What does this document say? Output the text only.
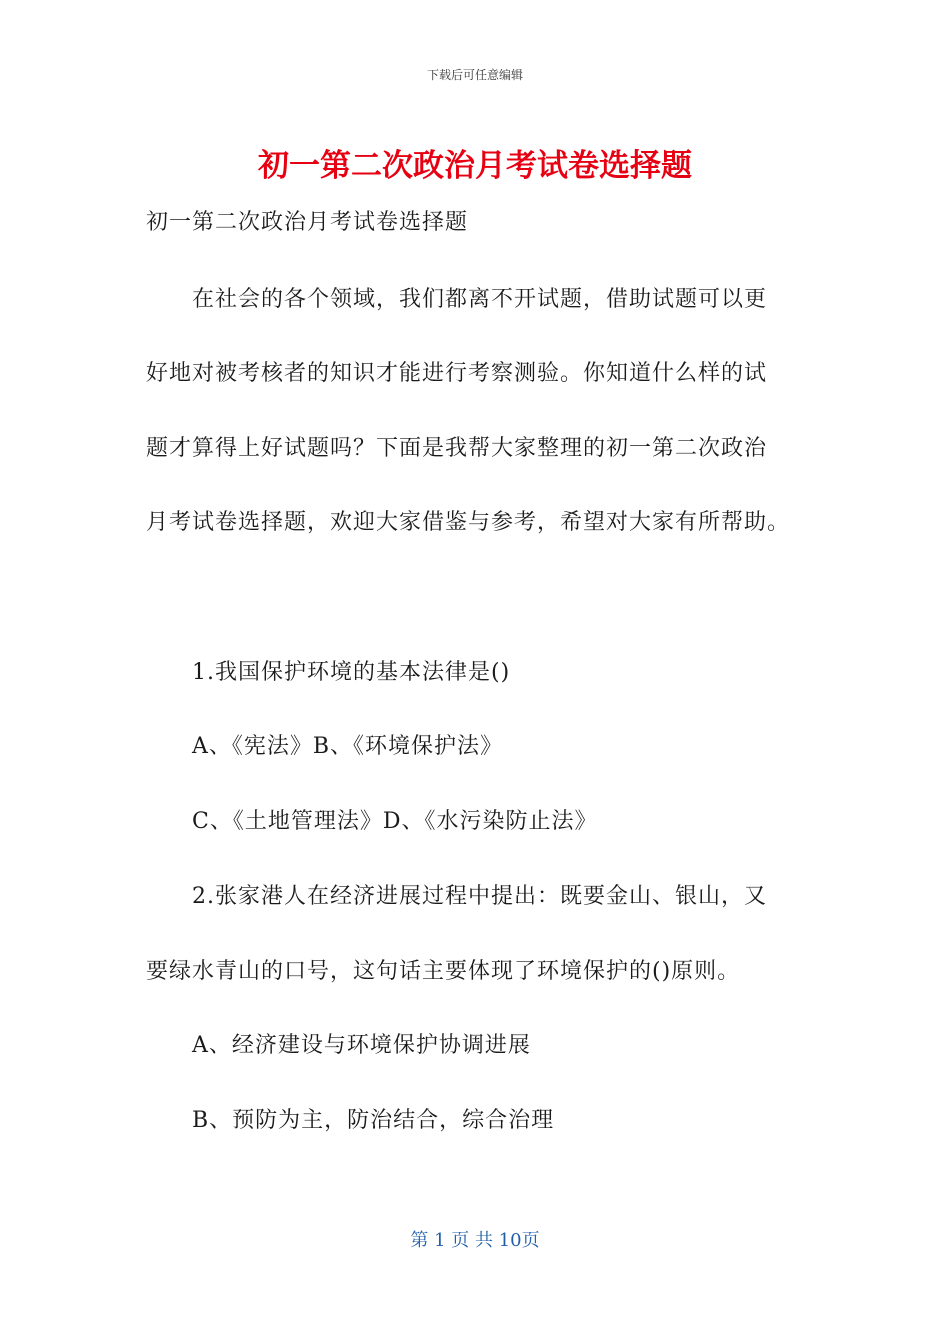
下载后可任意编辑
初一第二次政治月考试卷选择题
初一第二次政治月考试卷选择题
在社会的各个领域，我们都离不开试题，借助试题可以更
好地对被考核者的知识才能进行考察测验。你知道什么样的试
题才算得上好试题吗？下面是我帮大家整理的初一第二次政治
月考试卷选择题，欢迎大家借鉴与参考，希望对大家有所帮助。
1.我国保护环境的基本法律是()
A、《宪法》B、《环境保护法》
C、《土地管理法》D、《水污染防止法》
2.张家港人在经济进展过程中提出：既要金山、银山，又
要绿水青山的口号，这句话主要体现了环境保护的()原则。
A、经济建设与环境保护协调进展
B、预防为主，防治结合，综合治理
第 1 页 共 10页
